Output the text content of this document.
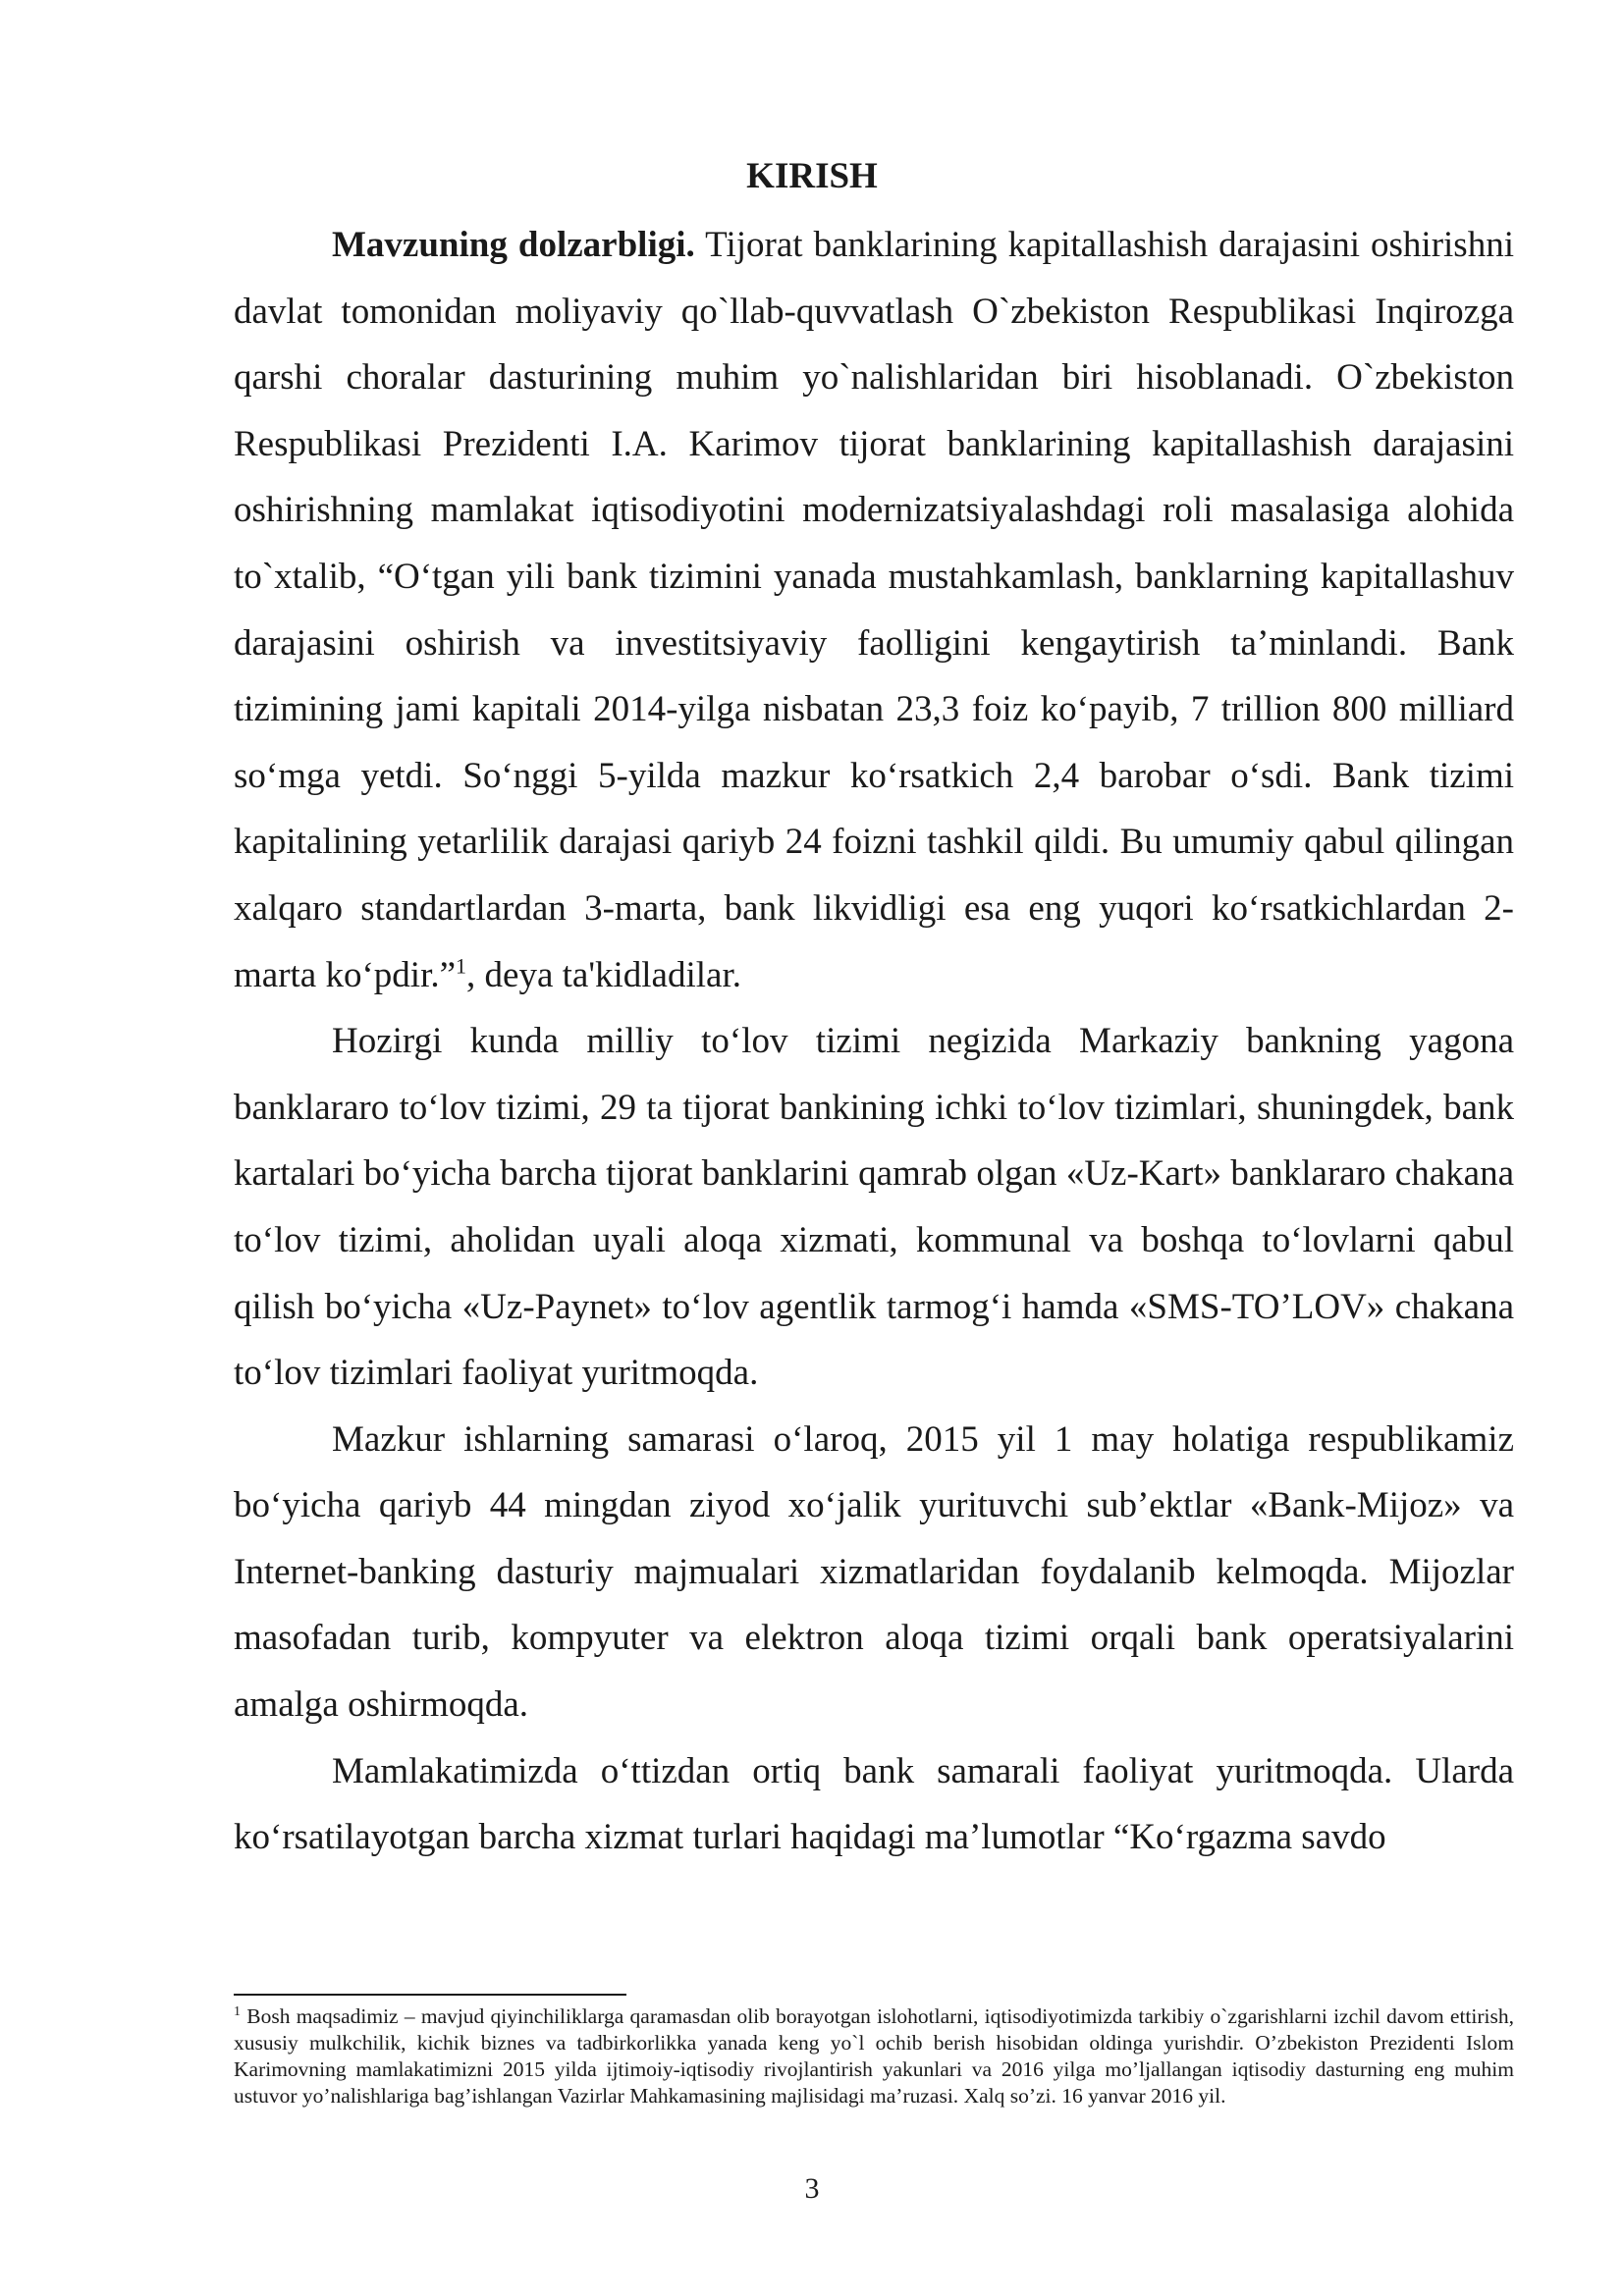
KIRISH

Mavzuning dolzarbligi. Tijorat banklarining kapitallashish darajasini oshirishni davlat tomonidan moliyaviy qo`llab-quvvatlash O`zbekiston Respublikasi Inqirozga qarshi choralar dasturining muhim yo`nalishlaridan biri hisoblanadi. O`zbekiston Respublikasi Prezidenti I.A. Karimov tijorat banklarining kapitallashish darajasini oshirishning mamlakat iqtisodiyotini modernizatsiyalashdagi roli masalasiga alohida to`xtalib, “O‘tgan yili bank tizimini yanada mustahkamlash, banklarning kapitallashuv darajasini oshirish va investitsiyaviy faolligini kengaytirish ta’minlandi. Bank tizimining jami kapitali 2014-yilga nisbatan 23,3 foiz ko‘payib, 7 trillion 800 milliard so‘mga yetdi. So‘nggi 5-yilda mazkur ko‘rsatkich 2,4 barobar o‘sdi. Bank tizimi kapitalining yetarlilik darajasi qariyb 24 foizni tashkil qildi. Bu umumiy qabul qilingan xalqaro standartlardan 3-marta, bank likvidligi esa eng yuqori ko‘rsatkichlardan 2-marta ko‘pdir.”$^1$, deya ta'kidladilar.

Hozirgi kunda milliy to‘lov tizimi negizida Markaziy bankning yagona banklararo to‘lov tizimi, 29 ta tijorat bankining ichki to‘lov tizimlari, shuningdek, bank kartalari bo‘yicha barcha tijorat banklarini qamrab olgan «Uz-Kart» banklararo chakana to‘lov tizimi, aholidan uyali aloqa xizmati, kommunal va boshqa to‘lovlarni qabul qilish bo‘yicha «Uz-Paynet» to‘lov agentlik tarmog‘i hamda «SMS-TO’LOV» chakana to‘lov tizimlari faoliyat yuritmoqda.

Mazkur ishlarning samarasi o‘laroq, 2015 yil 1 may holatiga respublikamiz bo‘yicha qariyb 44 mingdan ziyod xo‘jalik yurituvchi sub’ektlar «Bank-Mijoz» va Internet-banking dasturiy majmualari xizmatlaridan foydalanib kelmoqda. Mijozlar masofadan turib, kompyuter va elektron aloqa tizimi orqali bank operatsiyalarini amalga oshirmoqda.

Mamlakatimizda o‘ttizdan ortiq bank samarali faoliyat yuritmoqda. Ularda ko‘rsatilayotgan barcha xizmat turlari haqidagi ma’lumotlar “Ko‘rgazma savdo

$^1$ Bosh maqsadimiz – mavjud qiyinchiliklarga qaramasdan olib borayotgan islohotlarni, iqtisodiyotimizda tarkibiy o`zgarishlarni izchil davom ettirish, xususiy mulkchilik, kichik biznes va tadbirkorlikka yanada keng yo`l ochib berish hisobidan oldinga yurishdir. O’zbekiston Prezidenti Islom Karimovning mamlakatimizni 2015 yilda ijtimoiy-iqtisodiy rivojlantirish yakunlari va 2016 yilga mo’ljallangan iqtisodiy dasturning eng muhim ustuvor yo’nalishlariga bag’ishlangan Vazirlar Mahkamasining majlisidagi ma’ruzasi. Xalq so’zi. 16 yanvar 2016 yil.

3
